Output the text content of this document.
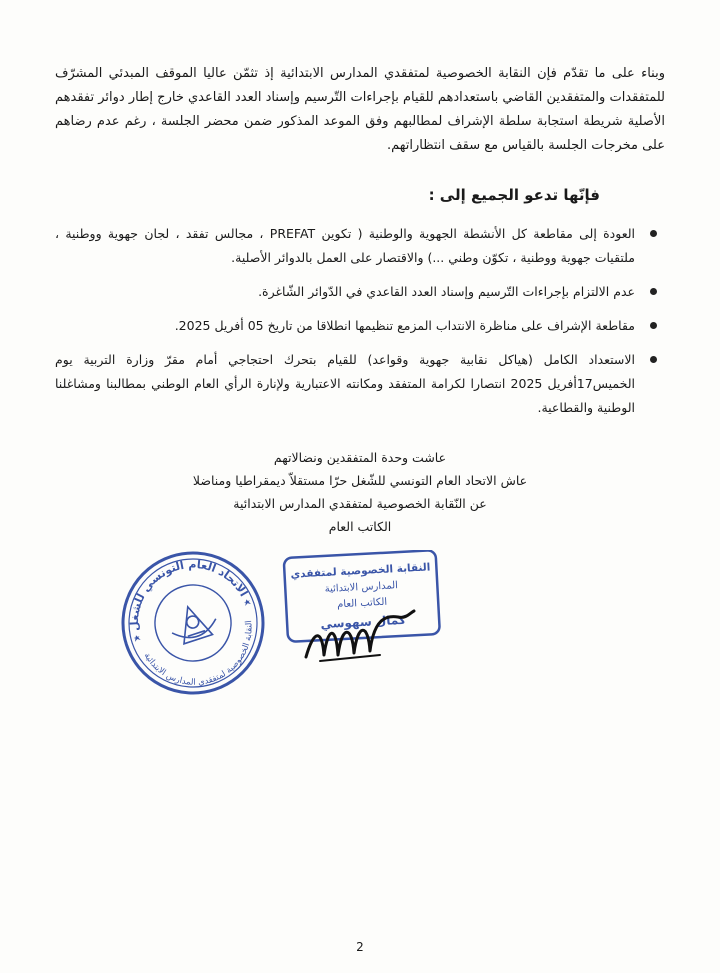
وبناء على ما تقدّم فإن النقابة الخصوصية لمتفقدي المدارس الابتدائية إذ تثمّن عاليا الموقف المبدئي المشرّف للمتفقدات والمتفقدين القاضي باستعدادهم للقيام بإجراءات التّرسيم وإسناد العدد القاعدي خارج إطار دوائر تفقدهم الأصلية شريطة استجابة سلطة الإشراف لمطالبهم وفق الموعد المذكور ضمن محضر الجلسة ، رغم عدم رضاهم على مخرجات الجلسة بالقياس مع سقف انتظاراتهم.

فإنّها تدعو الجميع إلى :
العودة إلى مقاطعة كل الأنشطة الجهوية والوطنية ( تكوين PREFAT ، مجالس تفقد ، لجان جهوية ووطنية ، ملتقيات جهوية ووطنية ، تكوّن وطني ...) والاقتصار على العمل بالدوائر الأصلية.
عدم الالتزام بإجراءات التّرسيم وإسناد العدد القاعدي في الدّوائر الشّاغرة.
مقاطعة الإشراف على مناظرة الانتداب المزمع تنظيمها انطلاقا من تاريخ 05 أفريل 2025.
الاستعداد الكامل (هياكل نقابية جهوية وقواعد) للقيام بتحرك احتجاجي أمام مقرّ وزارة التربية يوم الخميس17أفريل 2025 انتصارا لكرامة المتفقد ومكانته الاعتبارية ولإنارة الرأي العام الوطني بمطالبنا ومشاغلنا الوطنية والقطاعية.
عاشت وحدة المتفقدين ونضالاتهم
عاش الاتحاد العام التونسي للشّغل حرّا مستقلاّ ديمقراطيا ومناضلا
عن النّقابة الخصوصية لمتفقدي المدارس الابتدائية
الكاتب العام
الاتحاد العام التونسي للشغل
النقابة الخصوصية لمتفقدي المدارس الابتدائية
النقابة الخصوصية لمتفقدي
المدارس الابتدائية
الكاتب العام
كمال سهوسي
2
